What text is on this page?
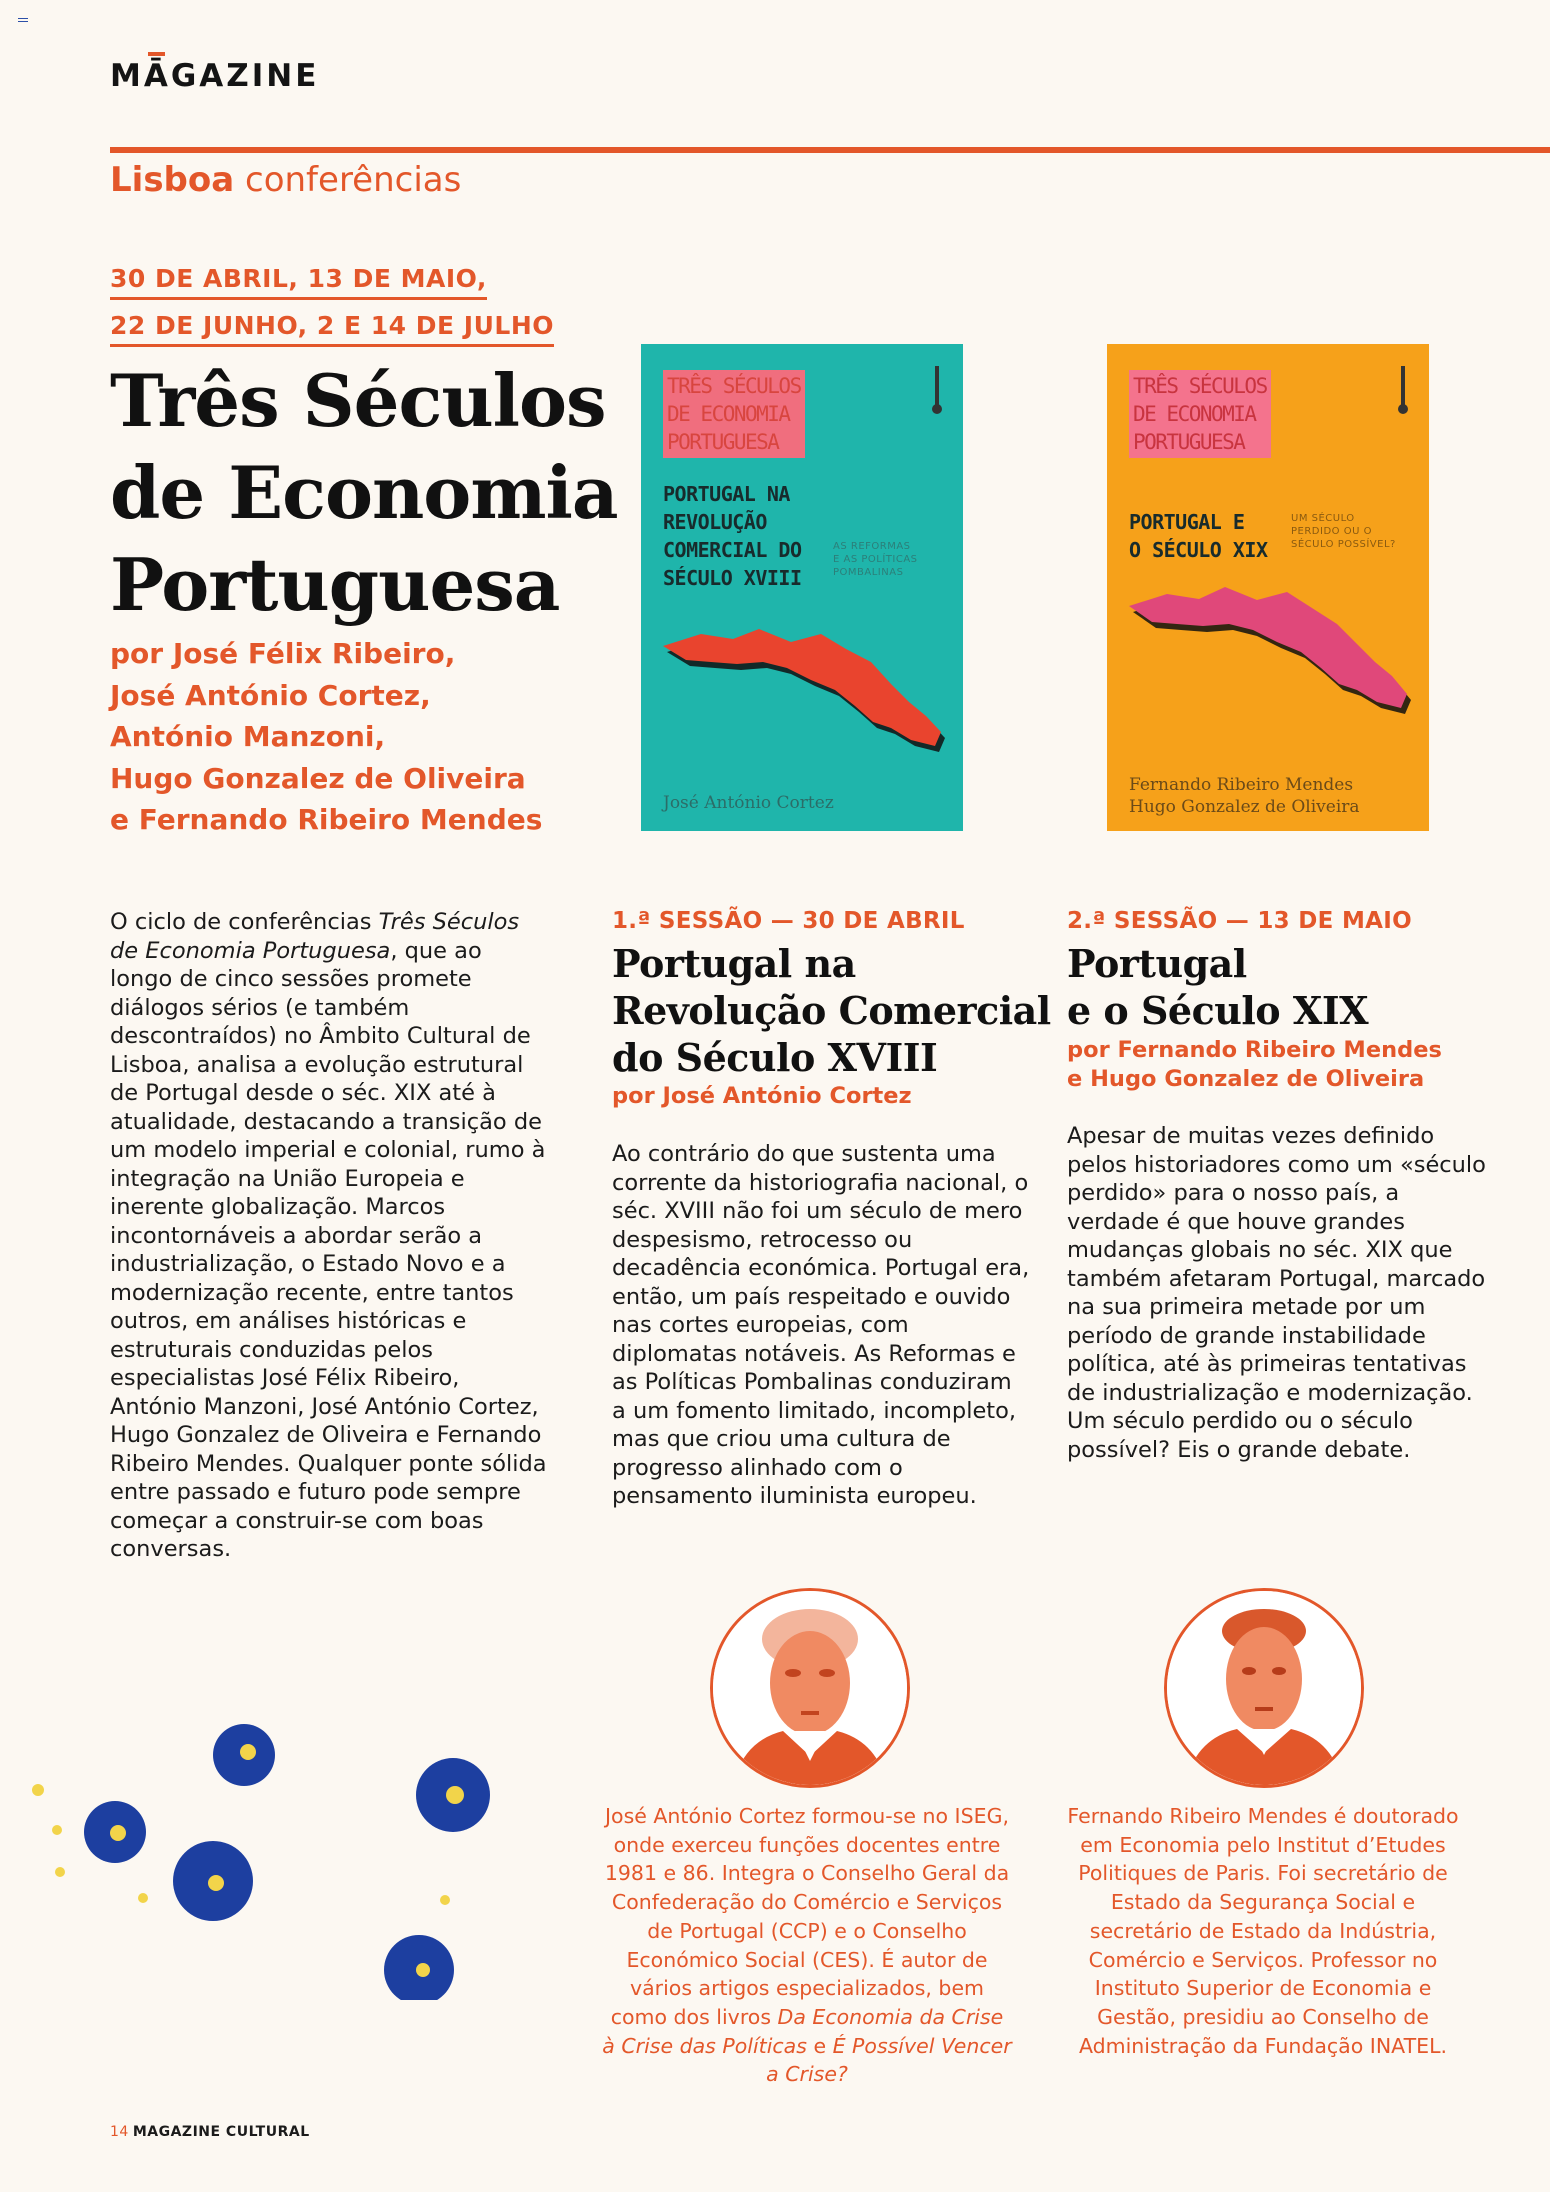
MĀGAZINE
Lisboa conferências
30 DE ABRIL, 13 DE MAIO,
22 DE JUNHO, 2 E 14 DE JULHO
Três Séculos
de Economia
Portuguesa
por José Félix Ribeiro,
José António Cortez,
António Manzoni,
Hugo Gonzalez de Oliveira
e Fernando Ribeiro Mendes
TRÊS SÉCULOS
DE ECONOMIA
PORTUGUESA
PORTUGAL NA
REVOLUÇÃO
COMERCIAL DO
SÉCULO XVIII
AS REFORMAS
E AS POLÍTICAS
POMBALINAS
José António Cortez
TRÊS SÉCULOS
DE ECONOMIA
PORTUGUESA
PORTUGAL E
O SÉCULO XIX
UM SÉCULO
PERDIDO OU O
SÉCULO POSSÍVEL?
Fernando Ribeiro Mendes
Hugo Gonzalez de Oliveira
O ciclo de conferências Três Séculos de Economia Portuguesa, que ao longo de cinco sessões promete diálogos sérios (e também descontraídos) no Âmbito Cultural de Lisboa, analisa a evolução estrutural de Portugal desde o séc. XIX até à atualidade, destacando a transição de um modelo imperial e colonial, rumo à integração na União Europeia e inerente globalização. Marcos incontornáveis a abordar serão a industrialização, o Estado Novo e a modernização recente, entre tantos outros, em análises históricas e estruturais conduzidas pelos especialistas José Félix Ribeiro, António Manzoni, José António Cortez, Hugo Gonzalez de Oliveira e Fernando Ribeiro Mendes. Qualquer ponte sólida entre passado e futuro pode sempre começar a construir-se com boas conversas.
1.ª SESSÃO — 30 DE ABRIL
Portugal na
Revolução Comercial
do Século XVIII
por José António Cortez
Ao contrário do que sustenta uma corrente da historiografia nacional, o séc. XVIII não foi um século de mero despesismo, retrocesso ou decadência económica. Portugal era, então, um país respeitado e ouvido nas cortes europeias, com diplomatas notáveis. As Reformas e as Políticas Pombalinas conduziram a um fomento limitado, incompleto, mas que criou uma cultura de progresso alinhado com o pensamento iluminista europeu.
2.ª SESSÃO — 13 DE MAIO
Portugal
e o Século XIX
por Fernando Ribeiro Mendes
e Hugo Gonzalez de Oliveira
Apesar de muitas vezes definido pelos historiadores como um «século perdido» para o nosso país, a verdade é que houve grandes mudanças globais no séc. XIX que também afetaram Portugal, marcado na sua primeira metade por um período de grande instabilidade política, até às primeiras tentativas de industrialização e modernização. Um século perdido ou o século possível? Eis o grande debate.
José António Cortez formou-se no ISEG, onde exerceu funções docentes entre 1981 e 86. Integra o Conselho Geral da Confederação do Comércio e Serviços de Portugal (CCP) e o Conselho Económico Social (CES). É autor de vários artigos especializados, bem como dos livros Da Economia da Crise à Crise das Políticas e É Possível Vencer a Crise?
Fernando Ribeiro Mendes é doutorado em Economia pelo Institut d’Etudes Politiques de Paris. Foi secretário de Estado da Segurança Social e secretário de Estado da Indústria, Comércio e Serviços. Professor no Instituto Superior de Economia e Gestão, presidiu ao Conselho de Administração da Fundação INATEL.
14 MAGAZINE CULTURAL
